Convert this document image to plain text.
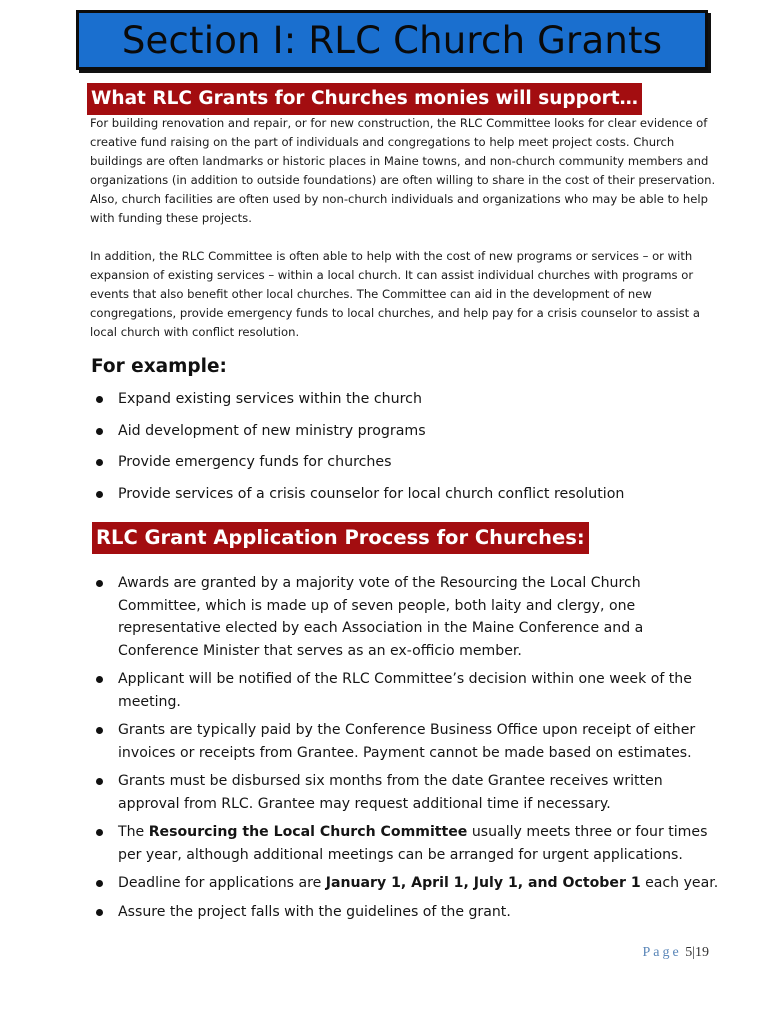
Section I: RLC Church Grants
What RLC Grants for Churches monies will support…

For building renovation and repair, or for new construction, the RLC Committee looks for clear evidence of creative fund raising on the part of individuals and congregations to help meet project costs. Church buildings are often landmarks or historic places in Maine towns, and non-church community members and organizations (in addition to outside foundations) are often willing to share in the cost of their preservation. Also, church facilities are often used by non-church individuals and organizations who may be able to help with funding these projects.

In addition, the RLC Committee is often able to help with the cost of new programs or services – or with expansion of existing services – within a local church. It can assist individual churches with programs or events that also benefit other local churches. The Committee can aid in the development of new congregations, provide emergency funds to local churches, and help pay for a crisis counselor to assist a local church with conflict resolution.

For example:
Expand existing services within the church
Aid development of new ministry programs
Provide emergency funds for churches
Provide services of a crisis counselor for local church conflict resolution
RLC Grant Application Process for Churches:
Awards are granted by a majority vote of the Resourcing the Local Church Committee, which is made up of seven people, both laity and clergy, one representative elected by each Association in the Maine Conference and a Conference Minister that serves as an ex-officio member.
Applicant will be notified of the RLC Committee’s decision within one week of the meeting.
Grants are typically paid by the Conference Business Office upon receipt of either invoices or receipts from Grantee. Payment cannot be made based on estimates.
Grants must be disbursed six months from the date Grantee receives written approval from RLC. Grantee may request additional time if necessary.
The Resourcing the Local Church Committee usually meets three or four times per year, although additional meetings can be arranged for urgent applications.
Deadline for applications are January 1, April 1, July 1, and October 1 each year.
Assure the project falls with the guidelines of the grant.
Page 5|19
